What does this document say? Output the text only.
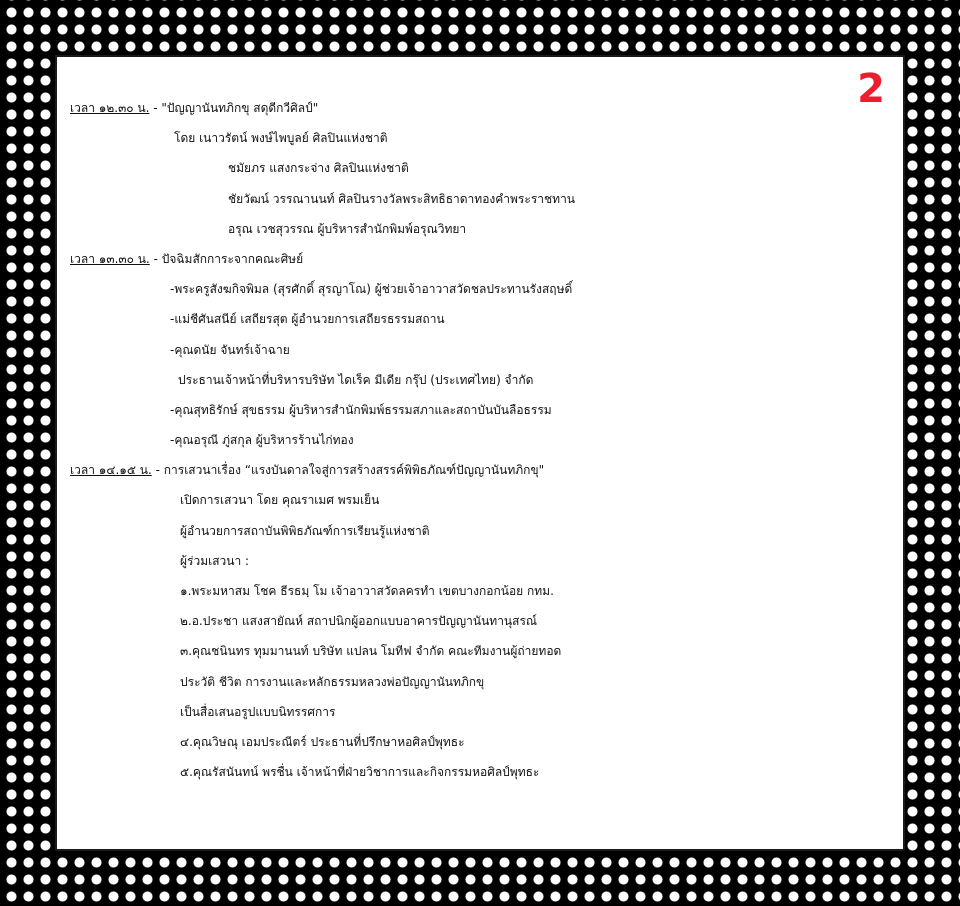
2
เวลา ๑๒.๓๐ น. - "ปัญญานันทภิกขุ สดุดีกวีศิลป์"
โดย เนาวรัตน์ พงษ์ไพบูลย์ ศิลปินแห่งชาติ
ชมัยภร แสงกระจ่าง ศิลปินแห่งชาติ
ชัยวัฒน์ วรรณานนท์ ศิลปินรางวัลพระสิทธิธาดาทองคำพระราชทาน
อรุณ เวชสุวรรณ ผู้บริหารสำนักพิมพ์อรุณวิทยา
เวลา ๑๓.๓๐ น. - ปัจฉิมสักการะจากคณะศิษย์
-พระครูสังฆกิจพิมล (สุรศักดิ์ สุรญาโณ) ผู้ช่วยเจ้าอาวาสวัดชลประทานรังสฤษดิ์
-แม่ชีศันสนีย์ เสถียรสุต ผู้อำนวยการเสถียรธรรมสถาน
-คุณดนัย จันทร์เจ้าฉาย
ประธานเจ้าหน้าที่บริหารบริษัท ไดเร็ค มีเดีย กรุ๊ป (ประเทศไทย) จำกัด
-คุณสุทธิรักษ์ สุขธรรม ผู้บริหารสำนักพิมพ์ธรรมสภาและสถาบันบันลือธรรม
-คุณอรุณี ภู่สกุล ผู้บริหารร้านไก่ทอง
เวลา ๑๔.๑๕ น. - การเสวนาเรื่อง “แรงบันดาลใจสู่การสร้างสรรค์พิพิธภัณฑ์ปัญญานันทภิกขุ"
เปิดการเสวนา โดย คุณราเมศ พรมเย็น
ผู้อำนวยการสถาบันพิพิธภัณฑ์การเรียนรู้แห่งชาติ
ผู้ร่วมเสวนา :
๑.พระมหาสม โชค ธีรธมฺ โม เจ้าอาวาสวัดลครทำ เขตบางกอกน้อย กทม.
๒.อ.ประชา แสงสายัณห์ สถาปนิกผู้ออกแบบอาคารปัญญานันทานุสรณ์
๓.คุณชนินทร ทุมมานนท์ บริษัท แปลน โมทีฟ จำกัด คณะทีมงานผู้ถ่ายทอด
ประวัติ ชีวิต การงานและหลักธรรมหลวงพ่อปัญญานันทภิกขุ
เป็นสื่อเสนอรูปแบบนิทรรศการ
๔.คุณวิษณุ เอมประณีตร์ ประธานที่ปรึกษาหอศิลป์พุทธะ
๕.คุณรัสนันทน์ พรชื่น เจ้าหน้าที่ฝ่ายวิชาการและกิจกรรมหอศิลป์พุทธะ
